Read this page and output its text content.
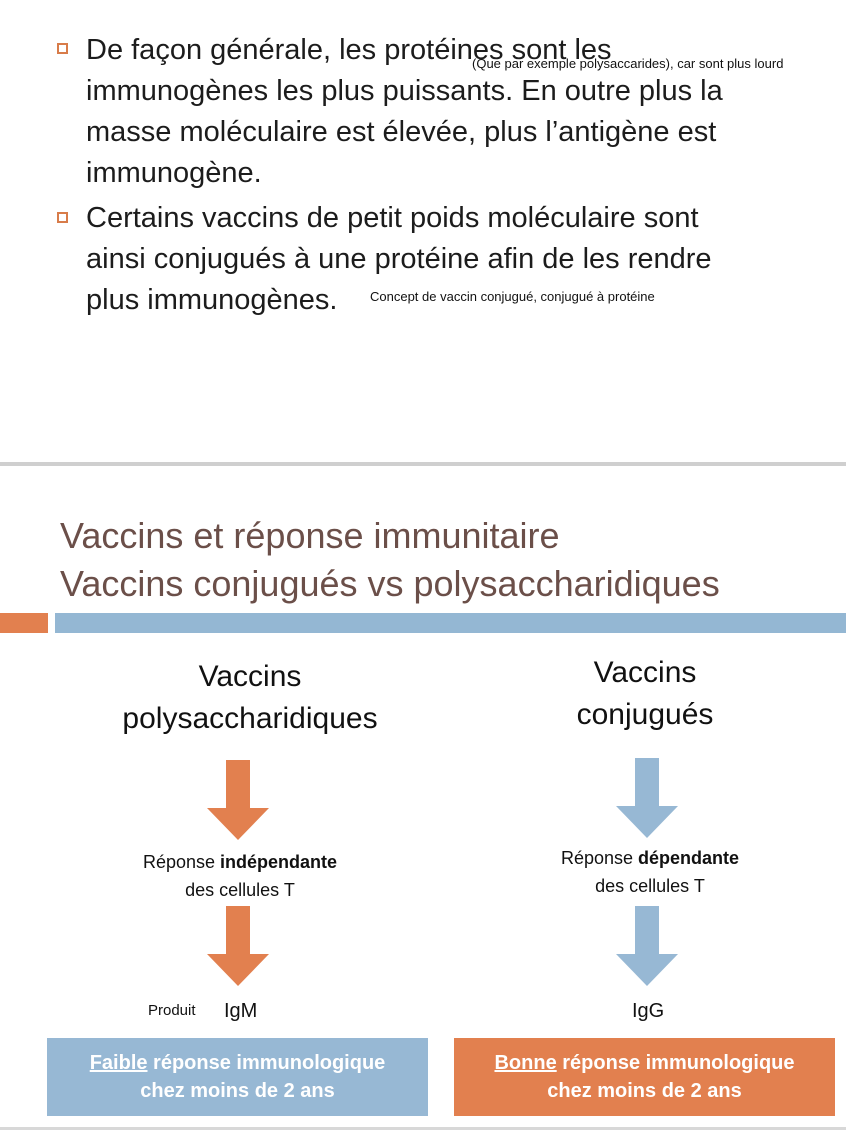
De façon générale, les protéines sont les
immunogènes les plus puissants. En outre plus la
masse moléculaire est élevée, plus l’antigène est
immunogène.
(Que par exemple polysaccarides), car sont plus lourd
Certains vaccins de petit poids moléculaire sont
ainsi conjugués à une protéine afin de les rendre
plus immunogènes.	Concept de vaccin conjugué, conjugué à protéine
Vaccins et réponse immunitaire
Vaccins conjugués vs polysaccharidiques
Vaccins
polysaccharidiques
Réponse indépendante
des cellules T
Produit IgM
Faible réponse immunologique
chez moins de 2 ans
Vaccins
conjugués
Réponse dépendante
des cellules T
IgG
Bonne réponse immunologique
chez moins de 2 ans
